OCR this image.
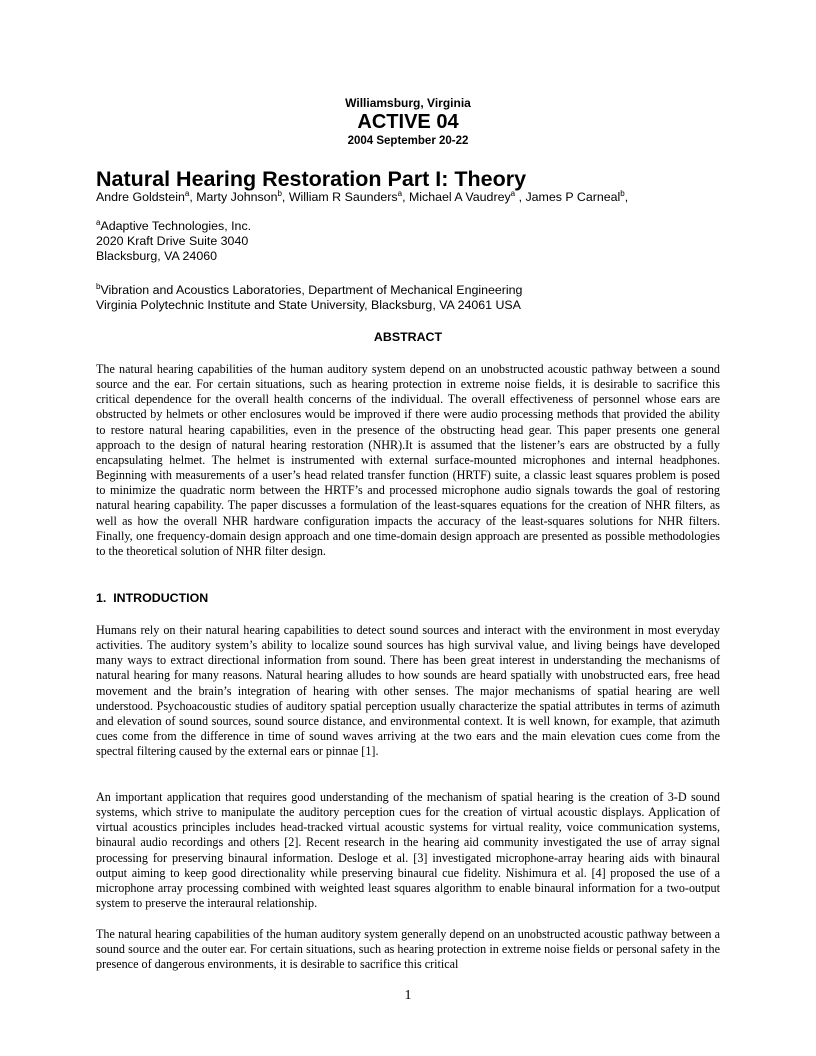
Williamsburg, Virginia
ACTIVE 04
2004 September 20-22
Natural Hearing Restoration Part I: Theory
Andre Goldstein$^a$, Marty Johnson$^b$, William R Saunders$^a$, Michael A Vaudrey$^a$ , James P Carneal$^b$,
$^a$Adaptive Technologies, Inc.
2020 Kraft Drive Suite 3040
Blacksburg, VA 24060
$^b$Vibration and Acoustics Laboratories, Department of Mechanical Engineering
Virginia Polytechnic Institute and State University, Blacksburg, VA 24061 USA
ABSTRACT
The natural hearing capabilities of the human auditory system depend on an unobstructed acoustic pathway between a sound source and the ear. For certain situations, such as hearing protection in extreme noise fields, it is desirable to sacrifice this critical dependence for the overall health concerns of the individual. The overall effectiveness of personnel whose ears are obstructed by helmets or other enclosures would be improved if there were audio processing methods that provided the ability to restore natural hearing capabilities, even in the presence of the obstructing head gear. This paper presents one general approach to the design of natural hearing restoration (NHR).It is assumed that the listener’s ears are obstructed by a fully encapsulating helmet. The helmet is instrumented with external surface-mounted microphones and internal headphones. Beginning with measurements of a user’s head related transfer function (HRTF) suite, a classic least squares problem is posed to minimize the quadratic norm between the HRTF’s and processed microphone audio signals towards the goal of restoring natural hearing capability. The paper discusses a formulation of the least-squares equations for the creation of NHR filters, as well as how the overall NHR hardware configuration impacts the accuracy of the least-squares solutions for NHR filters. Finally, one frequency-domain design approach and one time-domain design approach are presented as possible methodologies to the theoretical solution of NHR filter design.
1.  INTRODUCTION
Humans rely on their natural hearing capabilities to detect sound sources and interact with the environment in most everyday activities. The auditory system’s ability to localize sound sources has high survival value, and living beings have developed many ways to extract directional information from sound. There has been great interest in understanding the mechanisms of natural hearing for many reasons. Natural hearing alludes to how sounds are heard spatially with unobstructed ears, free head movement and the brain’s integration of hearing with other senses. The major mechanisms of spatial hearing are well understood. Psychoacoustic studies of auditory spatial perception usually characterize the spatial attributes in terms of azimuth and elevation of sound sources, sound source distance, and environmental context. It is well known, for example, that azimuth cues come from the difference in time of sound waves arriving at the two ears and the main elevation cues come from the spectral filtering caused by the external ears or pinnae [1].
An important application that requires good understanding of the mechanism of spatial hearing is the creation of 3-D sound systems, which strive to manipulate the auditory perception cues for the creation of virtual acoustic displays. Application of virtual acoustics principles includes head-tracked virtual acoustic systems for virtual reality, voice communication systems, binaural audio recordings and others [2]. Recent research in the hearing aid community investigated the use of array signal processing for preserving binaural information. Desloge et al. [3] investigated microphone-array hearing aids with binaural output aiming to keep good directionality while preserving binaural cue fidelity. Nishimura et al. [4] proposed the use of a microphone array processing combined with weighted least squares algorithm to enable binaural information for a two-output system to preserve the interaural relationship.
The natural hearing capabilities of the human auditory system generally depend on an unobstructed acoustic pathway between a sound source and the outer ear. For certain situations, such as hearing protection in extreme noise fields or personal safety in the presence of dangerous environments, it is desirable to sacrifice this critical
1
